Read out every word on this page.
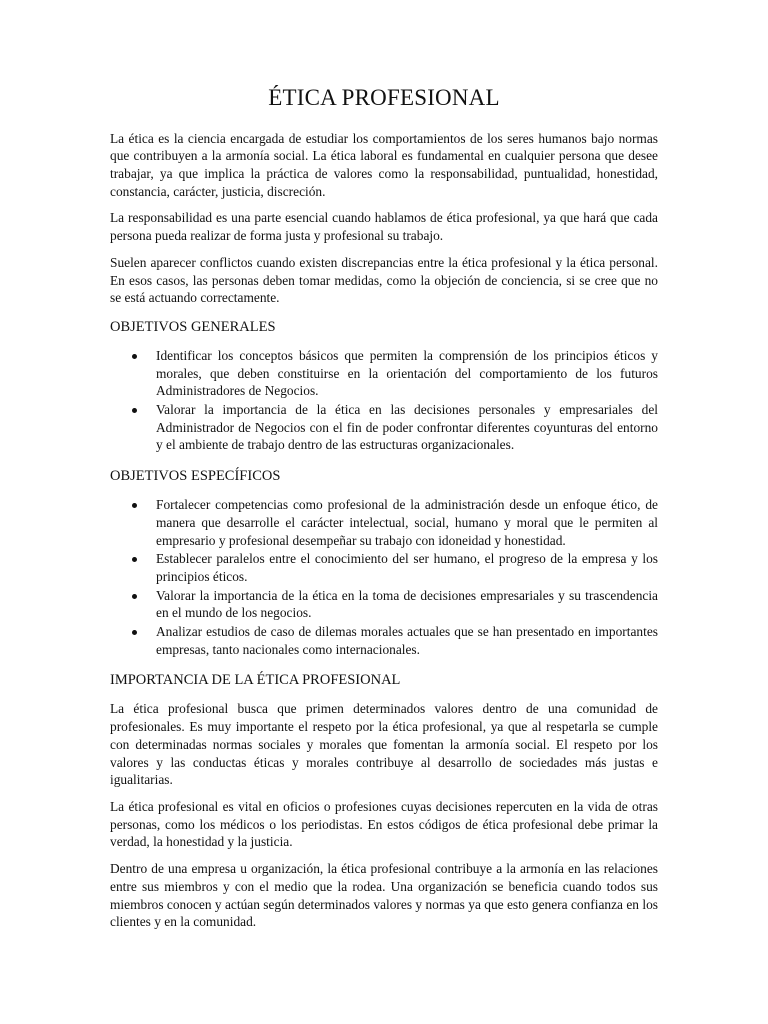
ÉTICA PROFESIONAL

La ética es la ciencia encargada de estudiar los comportamientos de los seres humanos bajo normas que contribuyen a la armonía social. La ética laboral es fundamental en cualquier persona que desee trabajar, ya que implica la práctica de valores como la responsabilidad, puntualidad, honestidad, constancia, carácter, justicia, discreción.

La responsabilidad es una parte esencial cuando hablamos de ética profesional, ya que hará que cada persona pueda realizar de forma justa y profesional su trabajo.

Suelen aparecer conflictos cuando existen discrepancias entre la ética profesional y la ética personal. En esos casos, las personas deben tomar medidas, como la objeción de conciencia, si se cree que no se está actuando correctamente.

OBJETIVOS GENERALES
Identificar los conceptos básicos que permiten la comprensión de los principios éticos y morales, que deben constituirse en la orientación del comportamiento de los futuros Administradores de Negocios.
Valorar la importancia de la ética en las decisiones personales y empresariales del Administrador de Negocios con el fin de poder confrontar diferentes coyunturas del entorno y el ambiente de trabajo dentro de las estructuras organizacionales.
OBJETIVOS ESPECÍFICOS
Fortalecer competencias como profesional de la administración desde un enfoque ético, de manera que desarrolle el carácter intelectual, social, humano y moral que le permiten al empresario y profesional desempeñar su trabajo con idoneidad y honestidad.
Establecer paralelos entre el conocimiento del ser humano, el progreso de la empresa y los principios éticos.
Valorar la importancia de la ética en la toma de decisiones empresariales y su trascendencia en el mundo de los negocios.
Analizar estudios de caso de dilemas morales actuales que se han presentado en importantes empresas, tanto nacionales como internacionales.
IMPORTANCIA DE LA ÉTICA PROFESIONAL

La ética profesional busca que primen determinados valores dentro de una comunidad de profesionales. Es muy importante el respeto por la ética profesional, ya que al respetarla se cumple con determinadas normas sociales y morales que fomentan la armonía social. El respeto por los valores y las conductas éticas y morales contribuye al desarrollo de sociedades más justas e igualitarias.

La ética profesional es vital en oficios o profesiones cuyas decisiones repercuten en la vida de otras personas, como los médicos o los periodistas. En estos códigos de ética profesional debe primar la verdad, la honestidad y la justicia.

Dentro de una empresa u organización, la ética profesional contribuye a la armonía en las relaciones entre sus miembros y con el medio que la rodea. Una organización se beneficia cuando todos sus miembros conocen y actúan según determinados valores y normas ya que esto genera confianza en los clientes y en la comunidad.
